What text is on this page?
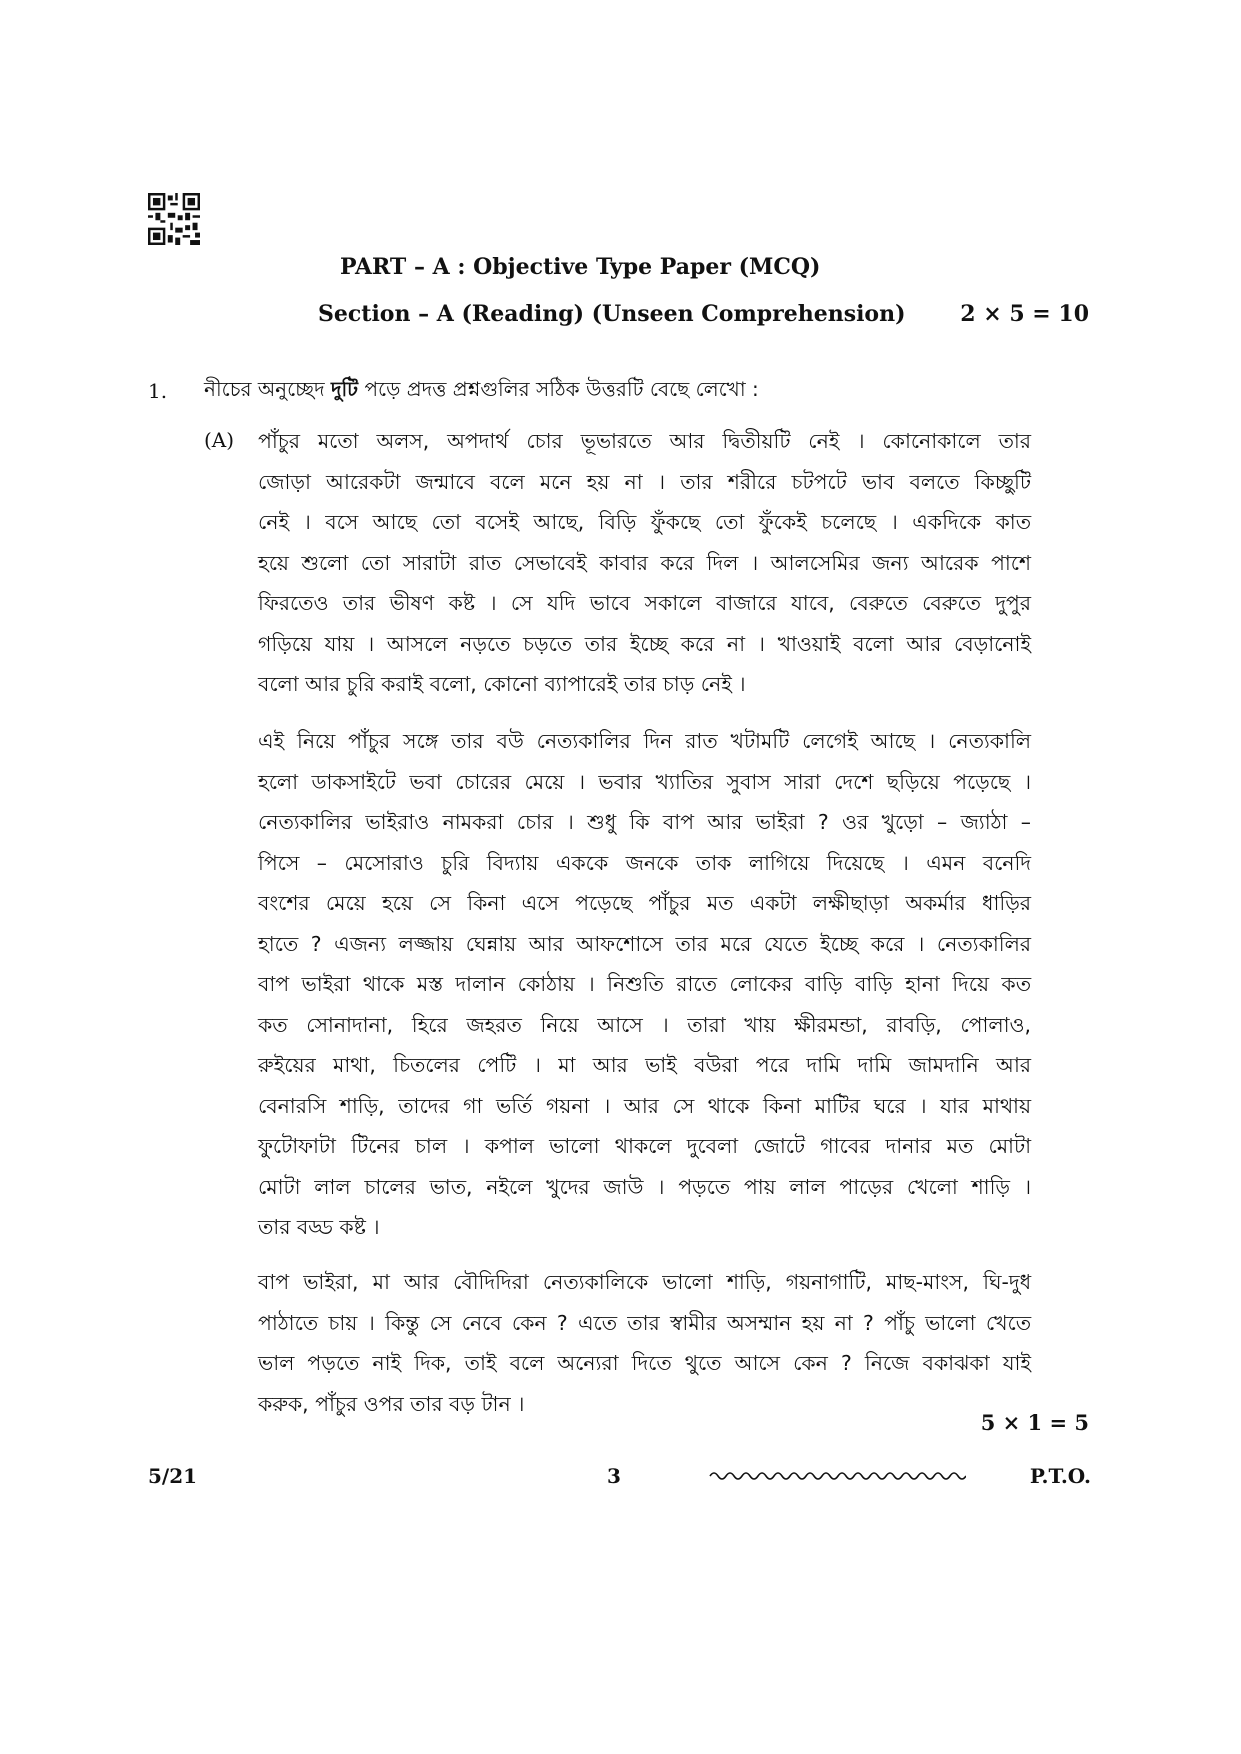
PART – A : Objective Type Paper (MCQ)
Section – A (Reading) (Unseen Comprehension) 2 × 5 = 10
1. নীচের অনুচ্ছেদ দুটি পড়ে প্রদত্ত প্রশ্নগুলির সঠিক উত্তরটি বেছে লেখো :
(A) পাঁচুর মতো অলস, অপদার্থ চোর ভূভারতে আর দ্বিতীয়টি নেই । কোনোকালে তার
জোড়া আরেকটা জন্মাবে বলে মনে হয় না । তার শরীরে চটপটে ভাব বলতে কিচ্ছুটি
নেই । বসে আছে তো বসেই আছে, বিড়ি ফুঁকছে তো ফুঁকেই চলেছে । একদিকে কাত
হয়ে শুলো তো সারাটা রাত সেভাবেই কাবার করে দিল । আলসেমির জন্য আরেক পাশে
ফিরতেও তার ভীষণ কষ্ট । সে যদি ভাবে সকালে বাজারে যাবে, বেরুতে বেরুতে দুপুর
গড়িয়ে যায় । আসলে নড়তে চড়তে তার ইচ্ছে করে না । খাওয়াই বলো আর বেড়ানোই
বলো আর চুরি করাই বলো, কোনো ব্যাপারেই তার চাড় নেই ।
এই নিয়ে পাঁচুর সঙ্গে তার বউ নেত্যকালির দিন রাত খটামটি লেগেই আছে । নেত্যকালি
হলো ডাকসাইটে ভবা চোরের মেয়ে । ভবার খ্যাতির সুবাস সারা দেশে ছড়িয়ে পড়েছে ।
নেত্যকালির ভাইরাও নামকরা চোর । শুধু কি বাপ আর ভাইরা ? ওর খুড়ো – জ্যাঠা –
পিসে – মেসোরাও চুরি বিদ্যায় এককে জনকে তাক লাগিয়ে দিয়েছে । এমন বনেদি
বংশের মেয়ে হয়ে সে কিনা এসে পড়েছে পাঁচুর মত একটা লক্ষীছাড়া অকর্মার ধাড়ির
হাতে ? এজন্য লজ্জায় ঘেন্নায় আর আফশোসে তার মরে যেতে ইচ্ছে করে । নেত্যকালির
বাপ ভাইরা থাকে মস্ত দালান কোঠায় । নিশুতি রাতে লোকের বাড়ি বাড়ি হানা দিয়ে কত
কত সোনাদানা, হিরে জহরত নিয়ে আসে । তারা খায় ক্ষীরমন্ডা, রাবড়ি, পোলাও,
রুইয়ের মাথা, চিতলের পেটি । মা আর ভাই বউরা পরে দামি দামি জামদানি আর
বেনারসি শাড়ি, তাদের গা ভর্তি গয়না । আর সে থাকে কিনা মাটির ঘরে । যার মাথায়
ফুটোফাটা টিনের চাল । কপাল ভালো থাকলে দুবেলা জোটে গাবের দানার মত মোটা
মোটা লাল চালের ভাত, নইলে খুদের জাউ । পড়তে পায় লাল পাড়ের খেলো শাড়ি ।
তার বড্ড কষ্ট ।
বাপ ভাইরা, মা আর বৌদিদিরা নেত্যকালিকে ভালো শাড়ি, গয়নাগাটি, মাছ-মাংস, ঘি-দুধ
পাঠাতে চায় । কিন্তু সে নেবে কেন ? এতে তার স্বামীর অসম্মান হয় না ? পাঁচু ভালো খেতে
ভাল পড়তে নাই দিক, তাই বলে অন্যেরা দিতে থুতে আসে কেন ? নিজে বকাঝকা যাই
করুক, পাঁচুর ওপর তার বড় টান ।
5 × 1 = 5
5/21	3	P.T.O.
